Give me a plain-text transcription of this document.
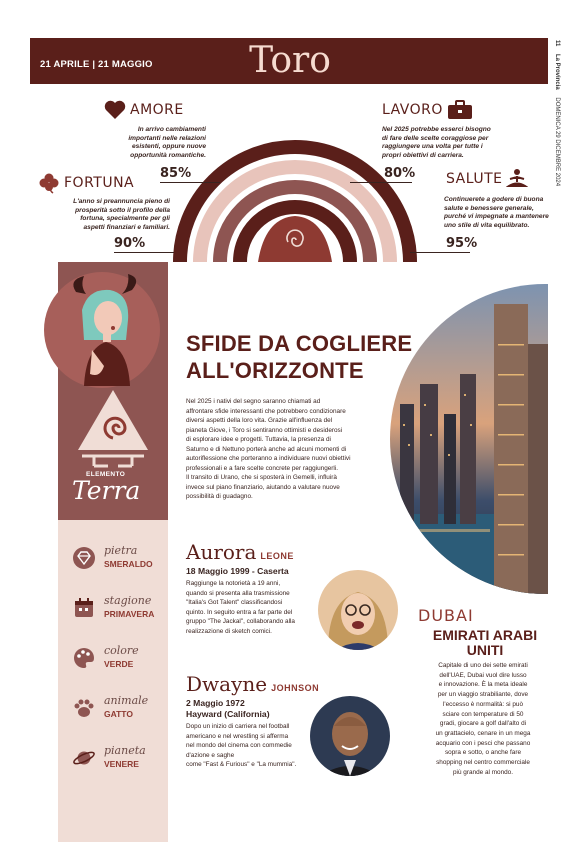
21 APRILE | 21 MAGGIO	Toro	11 La Provincia DOMENICA 29 DICEMBRE 2024
AMORE
In arrivo cambiamenti
importanti nelle relazioni
esistenti, oppure nuove
opportunità romantiche.
85%
LAVORO
Nel 2025 potrebbe esserci bisogno
di fare delle scelte coraggiose per
raggiungere una volta per tutte i
propri obiettivi di carriera.
80%
FORTUNA
L'anno si preannuncia pieno di
prosperità sotto il profilo della
fortuna, specialmente per gli
aspetti finanziari e familiari.
90%
SALUTE
Continuerete a godere di buona
salute e benessere generale,
purché vi impegnate a mantenere
uno stile di vita equilibrato.
95%
ELEMENTO
Terra
pietra
SMERALDO
stagione
PRIMAVERA
colore
VERDE
animale
GATTO
pianeta
VENERE
SFIDE DA COGLIERE
ALL'ORIZZONTE
Nel 2025 i nativi del segno saranno chiamati ad
affrontare sfide interessanti che potrebbero condizionare
diversi aspetti della loro vita. Grazie all'influenza del
pianeta Giove, i Toro si sentiranno ottimisti e desiderosi
di esplorare idee e progetti. Tuttavia, la presenza di
Saturno e di Nettuno porterà anche ad alcuni momenti di
autoriflessione che porteranno a individuare nuovi obiettivi
professionali e a fare scelte concrete per raggiungerli.
Il transito di Urano, che si sposterà in Gemelli, influirà
invece sul piano finanziario, aiutando a valutare nuove
possibilità di guadagno.
DUBAI
EMIRATI ARABI
UNITI
Capitale di uno dei sette emirati
dell'UAE, Dubai vuol dire lusso
e innovazione. È la meta ideale
per un viaggio strabiliante, dove
l'eccesso è normalità: si può
sciare con temperature di 50
gradi, giocare a golf dall'alto di
un grattacielo, cenare in un mega
acquario con i pesci che passano
sopra e sotto, o anche fare
shopping nel centro commerciale
più grande al mondo.
Aurora LEONE
18 Maggio 1999 - Caserta
Raggiunge la notorietà a 19 anni,
quando si presenta alla trasmissione
"Italia's Got Talent" classificandosi
quinto. In seguito entra a far parte del
gruppo "The Jackal", collaborando alla
realizzazione di sketch comici.
Dwayne JOHNSON
2 Maggio 1972
Hayward (California)
Dopo un inizio di carriera nel football
americano e nel wrestling si afferma
nel mondo del cinema con commedie
d'azione e saghe
come "Fast & Furious" e "La mummia".
